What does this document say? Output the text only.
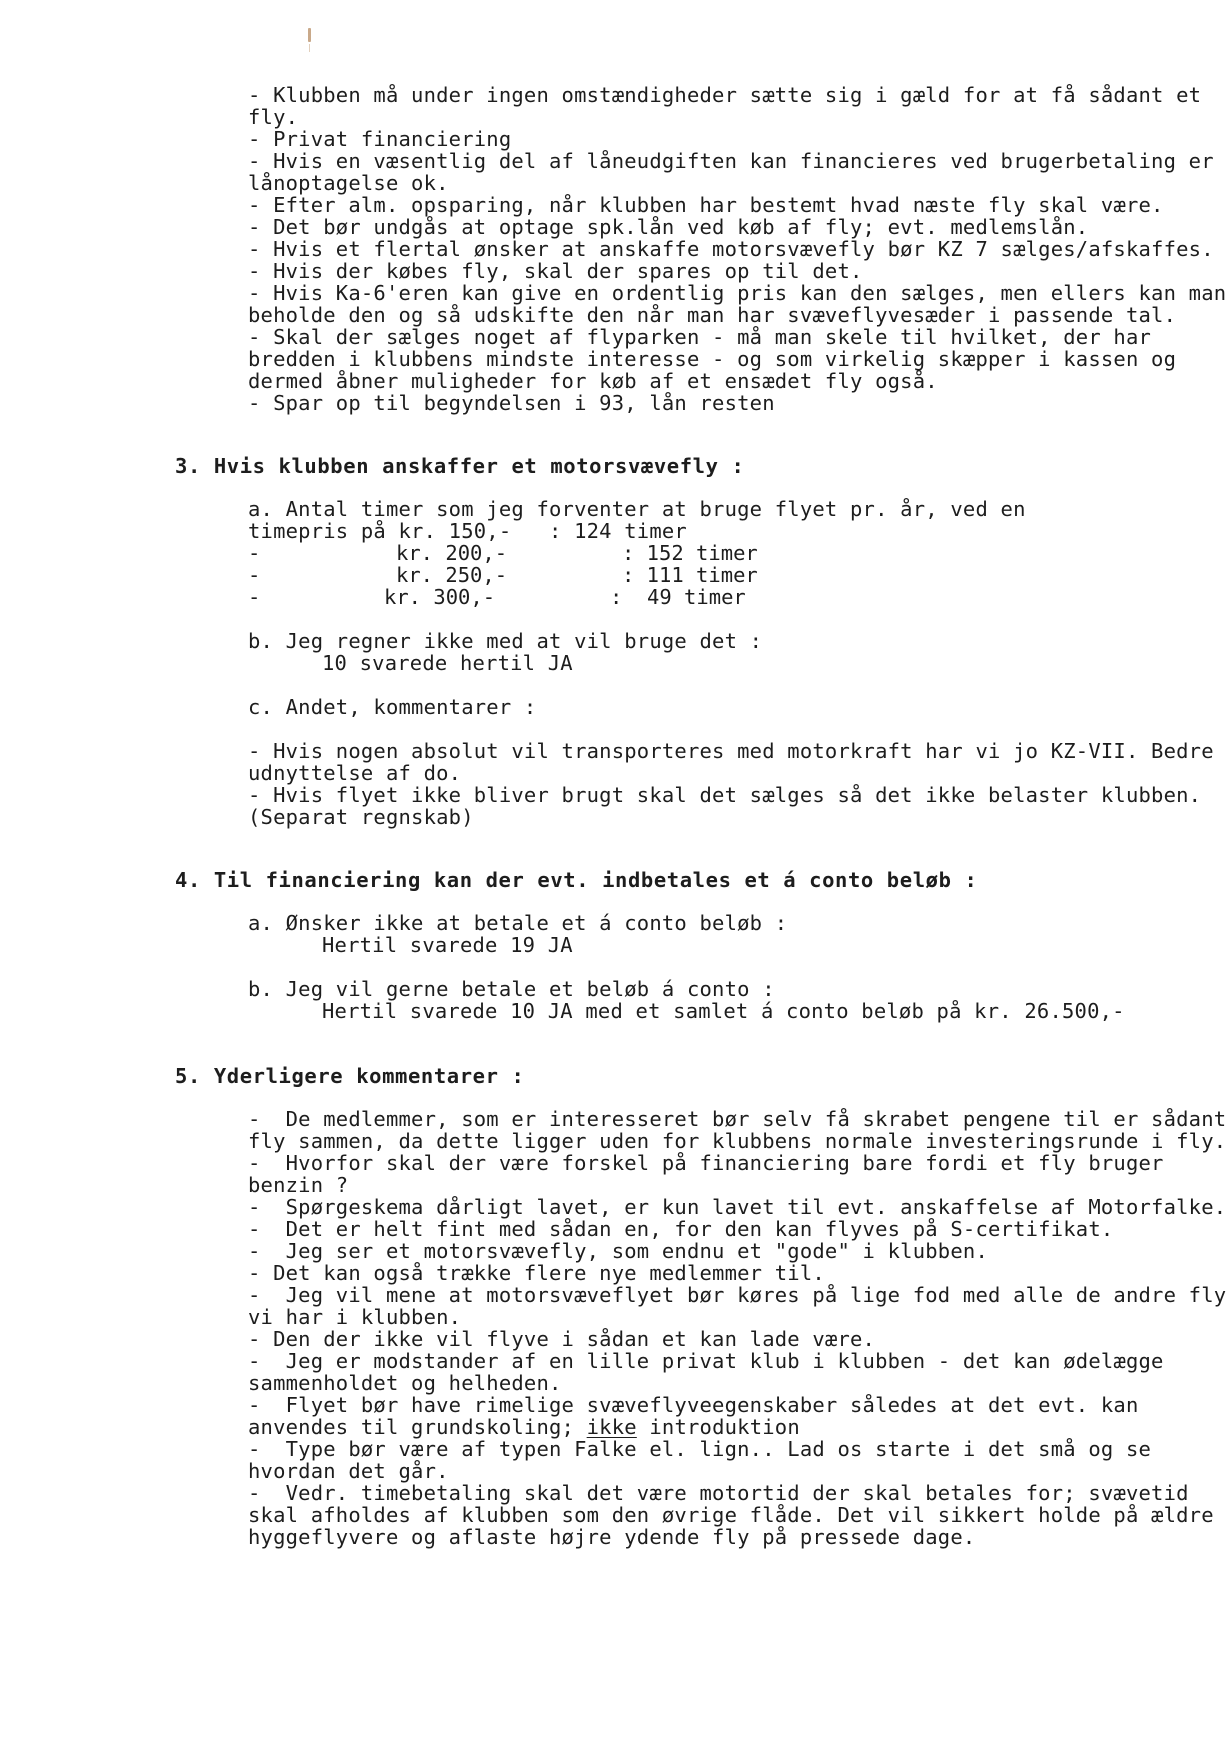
- Klubben må under ingen omstændigheder sætte sig i gæld for at få sådant et
fly.
- Privat financiering
- Hvis en væsentlig del af låneudgiften kan financieres ved brugerbetaling er
lånoptagelse ok.
- Efter alm. opsparing, når klubben har bestemt hvad næste fly skal være.
- Det bør undgås at optage spk.lån ved køb af fly; evt. medlemslån.
- Hvis et flertal ønsker at anskaffe motorsvævefly bør KZ 7 sælges/afskaffes.
- Hvis der købes fly, skal der spares op til det.
- Hvis Ka-6'eren kan give en ordentlig pris kan den sælges, men ellers kan man
beholde den og så udskifte den når man har svæveflyvesæder i passende tal.
- Skal der sælges noget af flyparken - må man skele til hvilket, der har
bredden i klubbens mindste interesse - og som virkelig skæpper i kassen og
dermed åbner muligheder for køb af et ensædet fly også.
- Spar op til begyndelsen i 93, lån resten
3. Hvis klubben anskaffer et motorsvævefly :
a. Antal timer som jeg forventer at bruge flyet pr. år, ved en
timepris på kr. 150,-   : 124 timer
-	kr. 200,-	: 152 timer
-	kr. 250,-	: 111 timer
-	kr. 300,-	:  49 timer
b. Jeg regner ikke med at vil bruge det :
10 svarede hertil JA
c. Andet, kommentarer :
- Hvis nogen absolut vil transporteres med motorkraft har vi jo KZ-VII. Bedre
udnyttelse af do.
- Hvis flyet ikke bliver brugt skal det sælges så det ikke belaster klubben.
(Separat regnskab)
4. Til financiering kan der evt. indbetales et á conto beløb :
a. Ønsker ikke at betale et á conto beløb :
Hertil svarede 19 JA
b. Jeg vil gerne betale et beløb á conto :
Hertil svarede 10 JA med et samlet á conto beløb på kr. 26.500,-
5. Yderligere kommentarer :
-  De medlemmer, som er interesseret bør selv få skrabet pengene til er sådant
fly sammen, da dette ligger uden for klubbens normale investeringsrunde i fly.
-  Hvorfor skal der være forskel på financiering bare fordi et fly bruger
benzin ?
-  Spørgeskema dårligt lavet, er kun lavet til evt. anskaffelse af Motorfalke.
-  Det er helt fint med sådan en, for den kan flyves på S-certifikat.
-  Jeg ser et motorsvævefly, som endnu et "gode" i klubben.
- Det kan også trække flere nye medlemmer til.
-  Jeg vil mene at motorsvæveflyet bør køres på lige fod med alle de andre fly
vi har i klubben.
- Den der ikke vil flyve i sådan et kan lade være.
-  Jeg er modstander af en lille privat klub i klubben - det kan ødelægge
sammenholdet og helheden.
-  Flyet bør have rimelige svæveflyveegenskaber således at det evt. kan
anvendes til grundskoling; ikke introduktion
-  Type bør være af typen Falke el. lign.. Lad os starte i det små og se
hvordan det går.
-  Vedr. timebetaling skal det være motortid der skal betales for; svævetid
skal afholdes af klubben som den øvrige flåde. Det vil sikkert holde på ældre
hyggeflyvere og aflaste højre ydende fly på pressede dage.
